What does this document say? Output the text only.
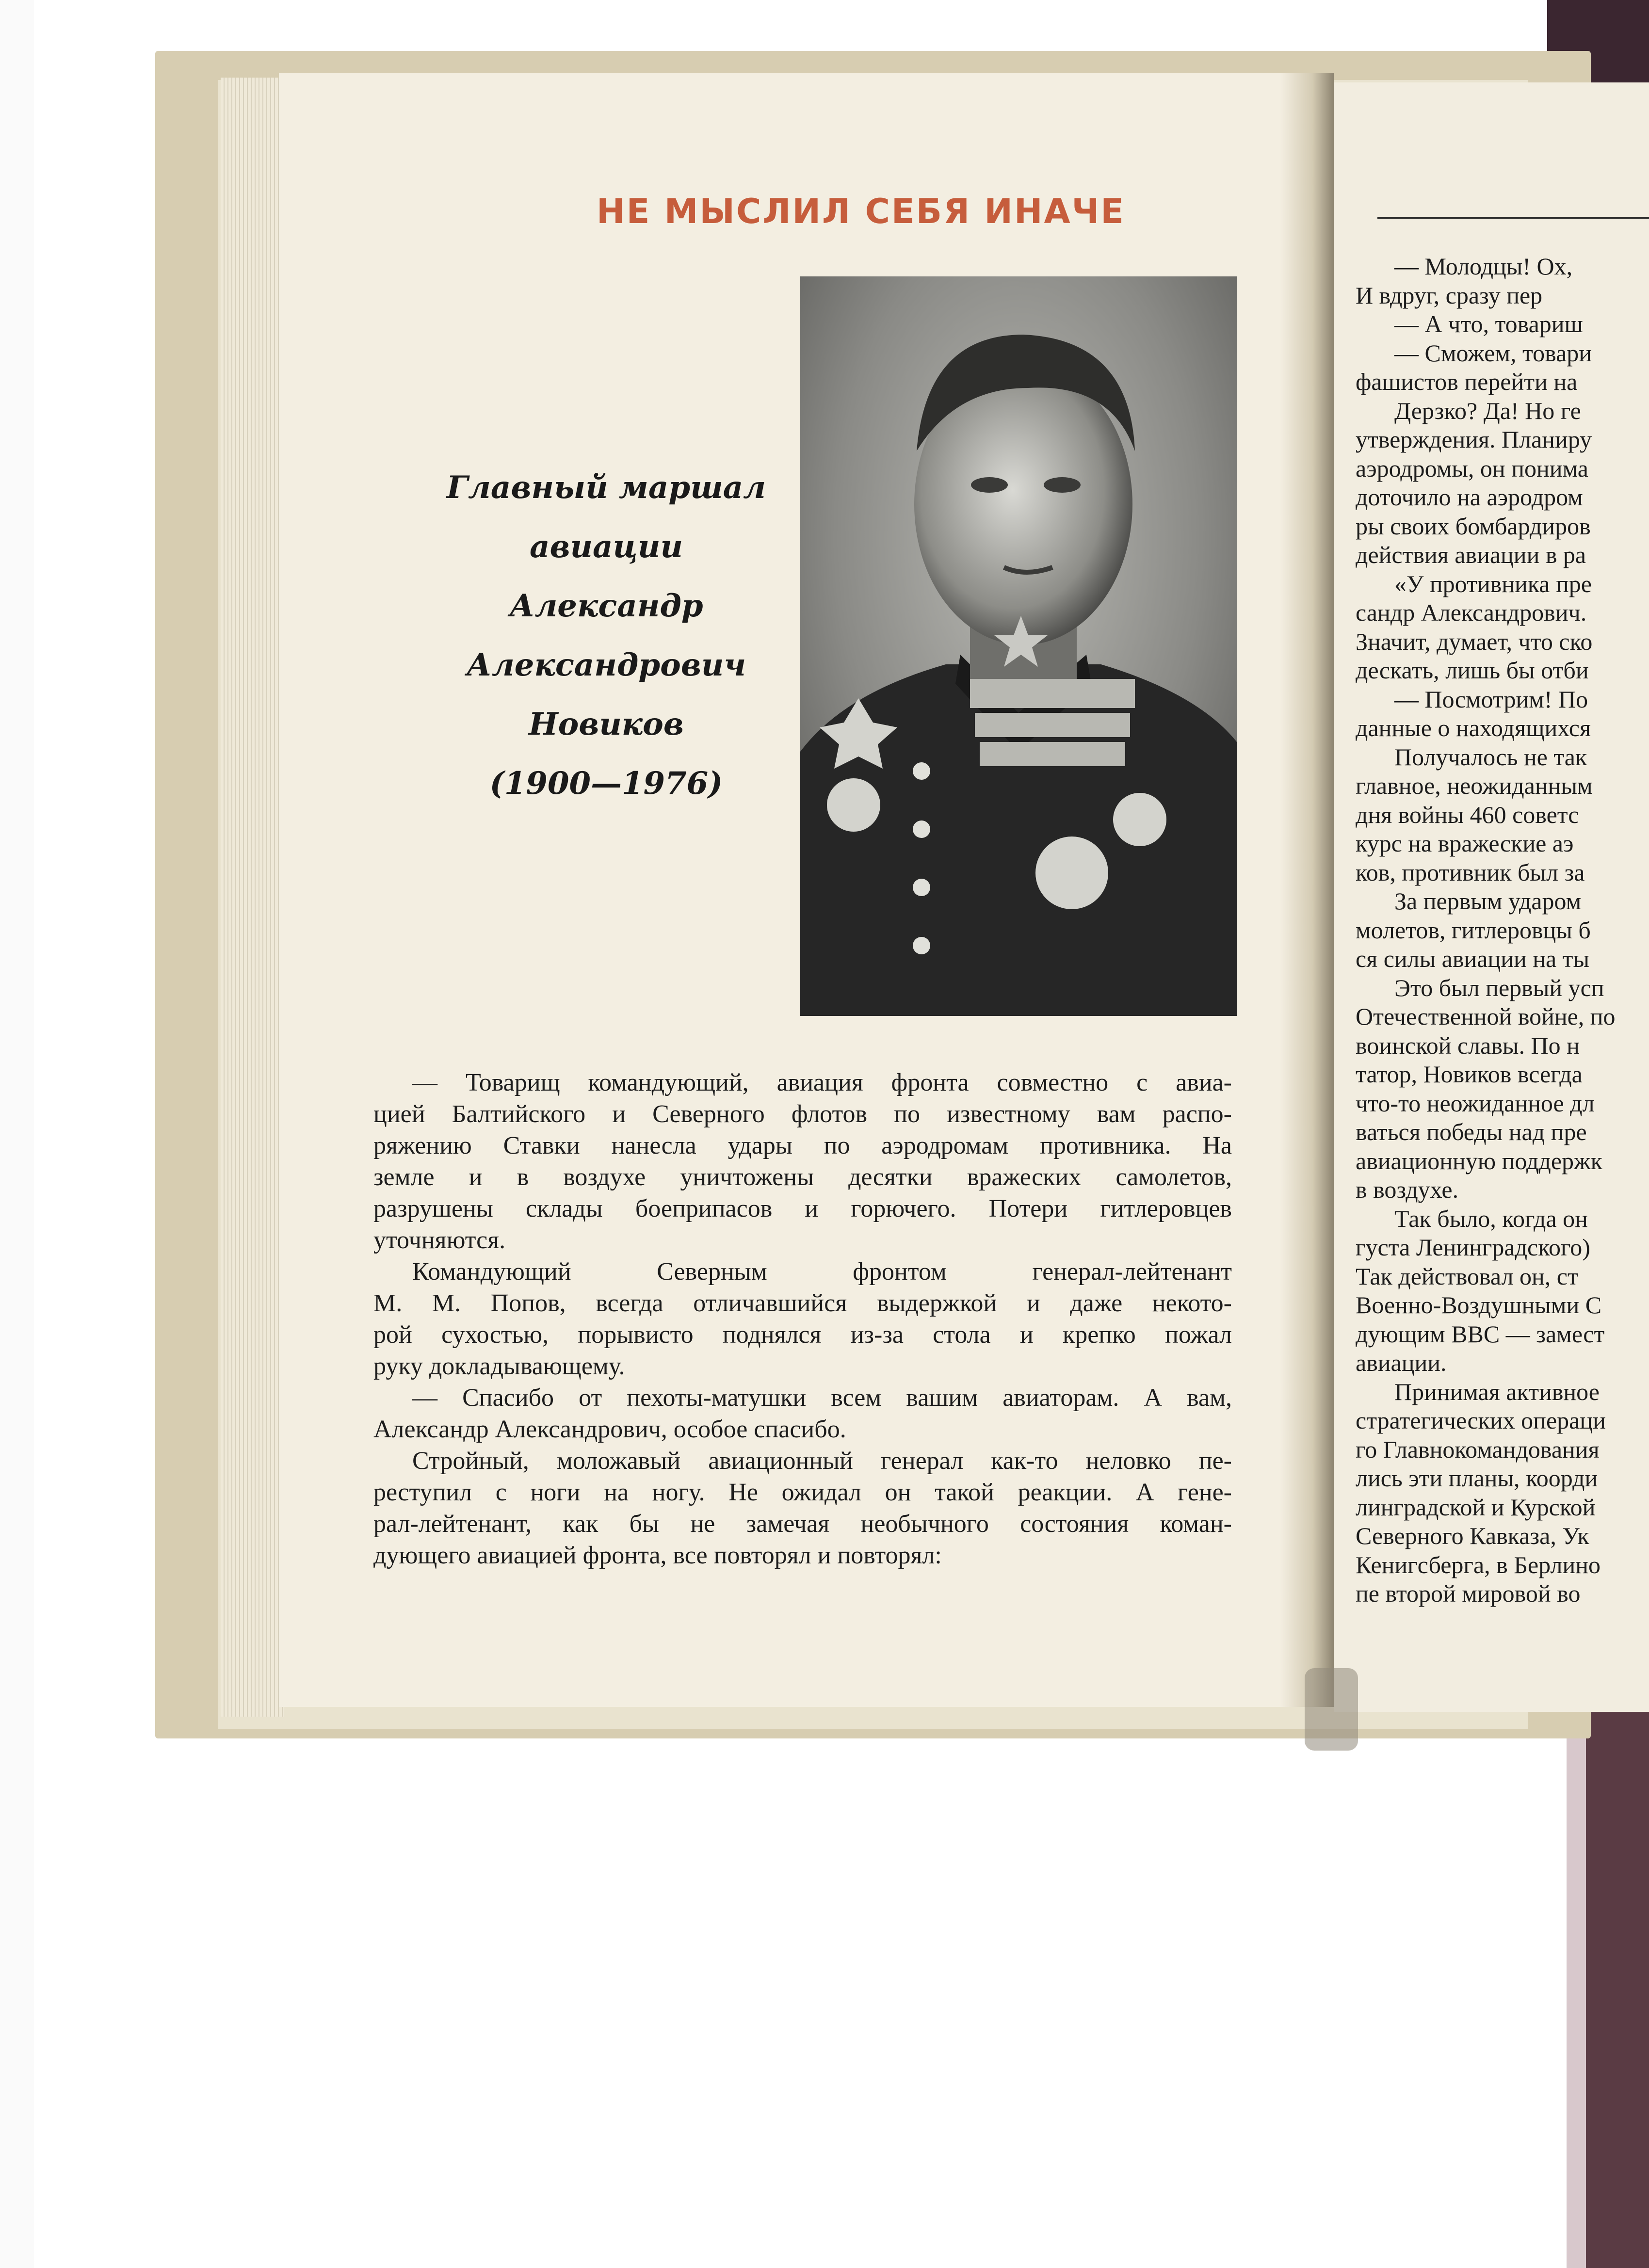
НЕ МЫСЛИЛ СЕБЯ ИНАЧЕ
Главный маршал
авиации
Александр
Александрович
Новиков
(1900—1976)
— Товарищ командующий, авиация фронта совместно с авиа-
цией Балтийского и Северного флотов по известному вам распо-
ряжению Ставки нанесла удары по аэродромам противника. На
земле и в воздухе уничтожены десятки вражеских самолетов,
разрушены склады боеприпасов и горючего. Потери гитлеровцев
уточняются.
Командующий Северным фронтом генерал-лейтенант
М. М. Попов, всегда отличавшийся выдержкой и даже некото-
рой сухостью, порывисто поднялся из-за стола и крепко пожал
руку докладывающему.
— Спасибо от пехоты-матушки всем вашим авиаторам. А вам,
Александр Александрович, особое спасибо.
Стройный, моложавый авиационный генерал как-то неловко пе-
реступил с ноги на ногу. Не ожидал он такой реакции. А гене-
рал-лейтенант, как бы не замечая необычного состояния коман-
дующего авиацией фронта, все повторял и повторял:
— Молодцы! Ох,
И вдруг, сразу пер
— А что, товариш
— Сможем, товари
фашистов перейти на
Дерзко? Да! Но ге
утверждения. Планиру
аэродромы, он понима
доточило на аэродром
ры своих бомбардиров
действия авиации в ра
«У противника пре
сандр Александрович.
Значит, думает, что ско
дескать, лишь бы отби
— Посмотрим! По
данные о находящихся
Получалось не так
главное, неожиданным
дня войны 460 советс
курс на вражеские аэ
ков, противник был за
За первым ударом
молетов, гитлеровцы б
ся силы авиации на ты
Это был первый усп
Отечественной войне, по
воинской славы. По н
татор, Новиков всегда
что-то неожиданное дл
ваться победы над пре
авиационную поддержк
в воздухе.
Так было, когда он
густа Ленинградского)
Так действовал он, ст
Военно-Воздушными С
дующим ВВС — замест
авиации.
Принимая активное
стратегических операци
го Главнокомандования
лись эти планы, коорди
линградской и Курской
Северного Кавказа, Ук
Кенигсберга, в Берлино
пе второй мировой во
